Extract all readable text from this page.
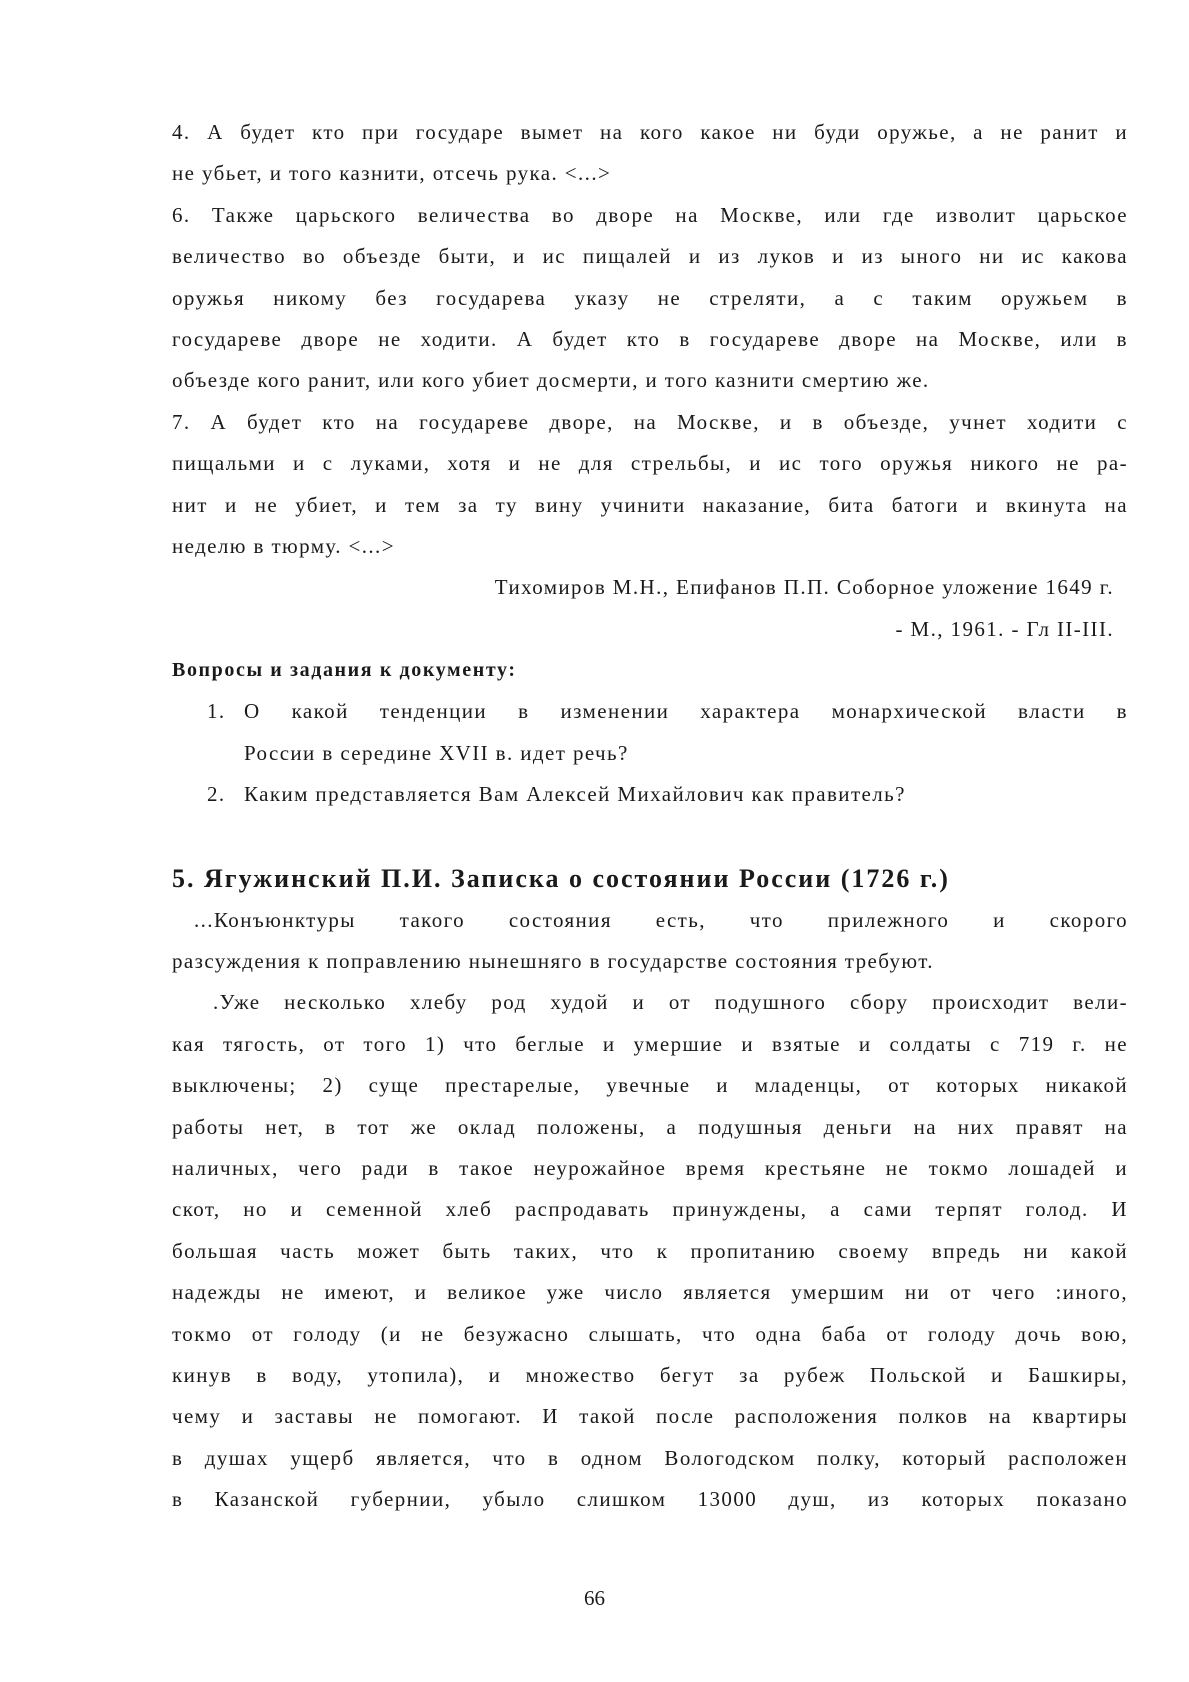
4. А будет кто при государе вымет на кого какое ни буди оружье, а не ранит и
не убьет, и того казнити, отсечь рука. <...>
6. Также царьского величества во дворе на Москве, или где изволит царьское
величество во объезде быти, и ис пищалей и из луков и из ыного ни ис какова
оружья никому без государева указу не стреляти, а с таким оружьем в
государеве дворе не ходити. А будет кто в государеве дворе на Москве, или в
объезде кого ранит, или кого убиет досмерти, и того казнити смертию же.
7. А будет кто на государеве дворе, на Москве, и в объезде, учнет ходити с
пищальми и с луками, хотя и не для стрельбы, и ис того оружья никого не ра-
нит и не убиет, и тем за ту вину учинити наказание, бита батоги и вкинута на
неделю в тюрму. <...>
Тихомиров М.Н., Епифанов П.П. Соборное уложение 1649 г.
- М., 1961. - Гл II-III.
Вопросы и задания к документу:
1. О какой тенденции в изменении характера монархической власти в
России в середине XVII в. идет речь?
2. Каким представляется Вам Алексей Михайлович как правитель?
5. Ягужинский П.И. Записка о состоянии России (1726 г.)
...Конъюнктуры такого состояния есть, что прилежного и скорого
разсуждения к поправлению нынешняго в государстве состояния требуют.
.Уже несколько хлебу род худой и от подушного сбору происходит вели-
кая тягость, от того 1) что беглые и умершие и взятые и солдаты с 719 г. не
выключены; 2) суще престарелые, увечные и младенцы, от которых никакой
работы нет, в тот же оклад положены, а подушныя деньги на них правят на
наличных, чего ради в такое неурожайное время крестьяне не токмо лошадей и
скот, но и семенной хлеб распродавать принуждены, а сами терпят голод. И
большая часть может быть таких, что к пропитанию своему впредь ни какой
надежды не имеют, и великое уже число является умершим ни от чего :иного,
токмо от голоду (и не безужасно слышать, что одна баба от голоду дочь вою,
кинув в воду, утопила), и множество бегут за рубеж Польской и Башкиры,
чему и заставы не помогают. И такой после расположения полков на квартиры
в душах ущерб является, что в одном Вологодском полку, который расположен
в Казанской губернии, убыло слишком 13000 душ, из которых показано
66
